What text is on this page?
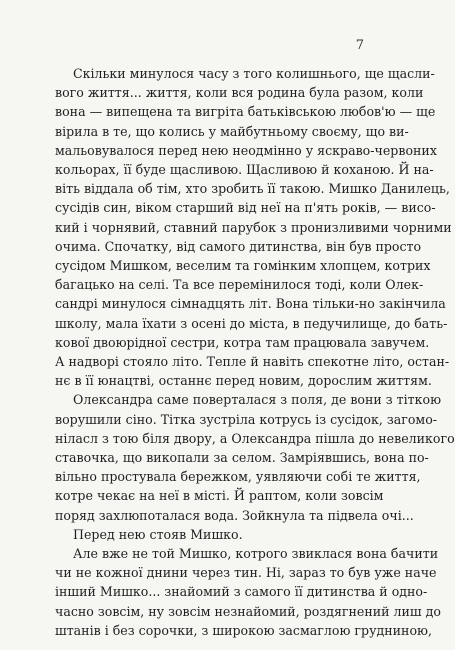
7
Скільки минулося часу з того колишнього, ще щасли-
вого життя... життя, коли вся родина була разом, коли
вона — випещена та вигріта батьківською любов'ю — ще
вірила в те, що колись у майбутньому своєму, що ви-
мальовувалося перед нею неодмінно у яскраво-червоних
кольорах, її буде щасливою. Щасливою й коханою. Й на-
віть віддала об тім, хто зробить її такою. Мишко Данилець,
сусідів син, віком старший від неї на п'ять років, — висо-
кий і чорнявий, ставний парубок з пронизливими чорними
очима. Спочатку, від самого дитинства, він був просто
сусідом Мишком, веселим та гомінким хлопцем, котрих
багацько на селі. Та все перемінилося тоді, коли Олек-
сандрі минулося сімнадцять літ. Вона тільки-но закінчила
школу, мала їхати з осені до міста, в педучилище, до бать-
кової двоюрідної сестри, котра там працювала завучем.
А надворі стояло літо. Тепле й навіть спекотне літо, остан-
нє в її юнацтві, останнє перед новим, дорослим життям.
Олександра саме поверталася з поля, де вони з тіткою
ворушили сіно. Тітка зустріла котрусь із сусідок, загомо-
ніласл з тою біля двору, а Олександра пішла до невеликого
ставочка, що викопали за селом. Замріявшись, вона по-
вільно простувала бережком, уявляючи собі те життя,
котре чекає на неї в місті. Й раптом, коли зовсім
поряд захлюпоталася вода. Зойкнула та підвела очі...
Перед нею стояв Мишко.
Але вже не той Мишко, котрого звиклася вона бачити
чи не кожної днини через тин. Ні, зараз то був уже наче
інший Мишко... знайомий з самого її дитинства й одно-
часно зовсім, ну зовсім незнайомий, роздягнений лиш до
штанів і без сорочки, з широкою засмаглою грудниною,
